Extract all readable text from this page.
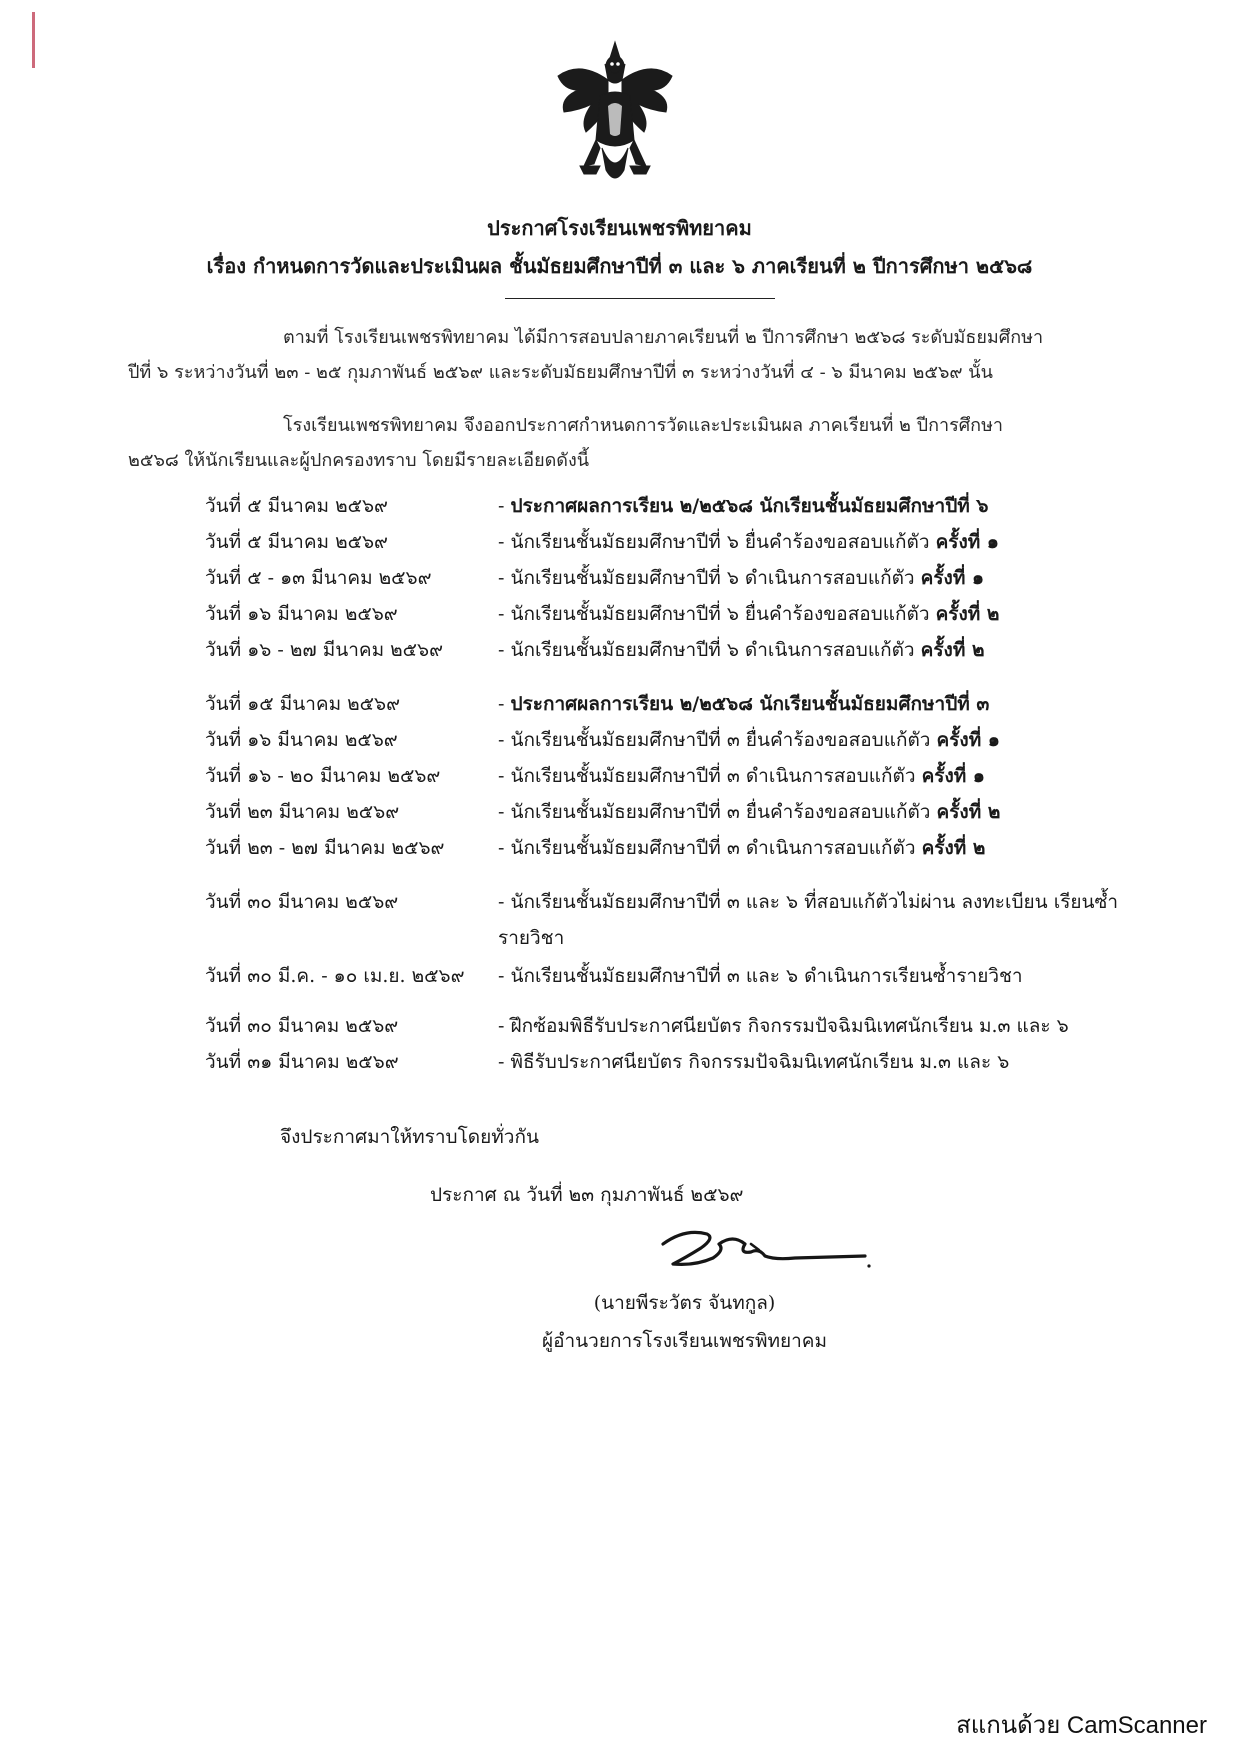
ประกาศโรงเรียนเพชรพิทยาคม
เรื่อง กำหนดการวัดและประเมินผล ชั้นมัธยมศึกษาปีที่ ๓ และ ๖ ภาคเรียนที่ ๒ ปีการศึกษา ๒๕๖๘
ตามที่ โรงเรียนเพชรพิทยาคม ได้มีการสอบปลายภาคเรียนที่ ๒ ปีการศึกษา ๒๕๖๘ ระดับมัธยมศึกษา
ปีที่ ๖ ระหว่างวันที่ ๒๓ - ๒๕ กุมภาพันธ์ ๒๕๖๙ และระดับมัธยมศึกษาปีที่ ๓ ระหว่างวันที่ ๔ - ๖ มีนาคม ๒๕๖๙ นั้น
โรงเรียนเพชรพิทยาคม จึงออกประกาศกำหนดการวัดและประเมินผล ภาคเรียนที่ ๒ ปีการศึกษา
๒๕๖๘ ให้นักเรียนและผู้ปกครองทราบ โดยมีรายละเอียดดังนี้
วันที่ ๕ มีนาคม ๒๕๖๙	- ประกาศผลการเรียน ๒/๒๕๖๘ นักเรียนชั้นมัธยมศึกษาปีที่ ๖
วันที่ ๕ มีนาคม ๒๕๖๙	- นักเรียนชั้นมัธยมศึกษาปีที่ ๖ ยื่นคำร้องขอสอบแก้ตัว ครั้งที่ ๑
วันที่ ๕ - ๑๓ มีนาคม ๒๕๖๙	- นักเรียนชั้นมัธยมศึกษาปีที่ ๖ ดำเนินการสอบแก้ตัว ครั้งที่ ๑
วันที่ ๑๖ มีนาคม ๒๕๖๙	- นักเรียนชั้นมัธยมศึกษาปีที่ ๖ ยื่นคำร้องขอสอบแก้ตัว ครั้งที่ ๒
วันที่ ๑๖ - ๒๗ มีนาคม ๒๕๖๙	- นักเรียนชั้นมัธยมศึกษาปีที่ ๖ ดำเนินการสอบแก้ตัว ครั้งที่ ๒
วันที่ ๑๕ มีนาคม ๒๕๖๙	- ประกาศผลการเรียน ๒/๒๕๖๘ นักเรียนชั้นมัธยมศึกษาปีที่ ๓
วันที่ ๑๖ มีนาคม ๒๕๖๙	- นักเรียนชั้นมัธยมศึกษาปีที่ ๓ ยื่นคำร้องขอสอบแก้ตัว ครั้งที่ ๑
วันที่ ๑๖ - ๒๐ มีนาคม ๒๕๖๙	- นักเรียนชั้นมัธยมศึกษาปีที่ ๓ ดำเนินการสอบแก้ตัว ครั้งที่ ๑
วันที่ ๒๓ มีนาคม ๒๕๖๙	- นักเรียนชั้นมัธยมศึกษาปีที่ ๓ ยื่นคำร้องขอสอบแก้ตัว ครั้งที่ ๒
วันที่ ๒๓ - ๒๗ มีนาคม ๒๕๖๙	- นักเรียนชั้นมัธยมศึกษาปีที่ ๓ ดำเนินการสอบแก้ตัว ครั้งที่ ๒
วันที่ ๓๐ มีนาคม ๒๕๖๙	- นักเรียนชั้นมัธยมศึกษาปีที่ ๓ และ ๖ ที่สอบแก้ตัวไม่ผ่าน ลงทะเบียน เรียนซ้ำรายวิชา
วันที่ ๓๐ มี.ค. - ๑๐ เม.ย. ๒๕๖๙ - นักเรียนชั้นมัธยมศึกษาปีที่ ๓ และ ๖ ดำเนินการเรียนซ้ำรายวิชา
วันที่ ๓๐ มีนาคม ๒๕๖๙	- ฝึกซ้อมพิธีรับประกาศนียบัตร กิจกรรมปัจฉิมนิเทศนักเรียน ม.๓ และ ๖
วันที่ ๓๑ มีนาคม ๒๕๖๙	- พิธีรับประกาศนียบัตร กิจกรรมปัจฉิมนิเทศนักเรียน ม.๓ และ ๖
จึงประกาศมาให้ทราบโดยทั่วกัน
ประกาศ ณ วันที่ ๒๓ กุมภาพันธ์ ๒๕๖๙
(นายพีระวัตร จันทกูล)
ผู้อำนวยการโรงเรียนเพชรพิทยาคม
สแกนด้วย CamScanner
